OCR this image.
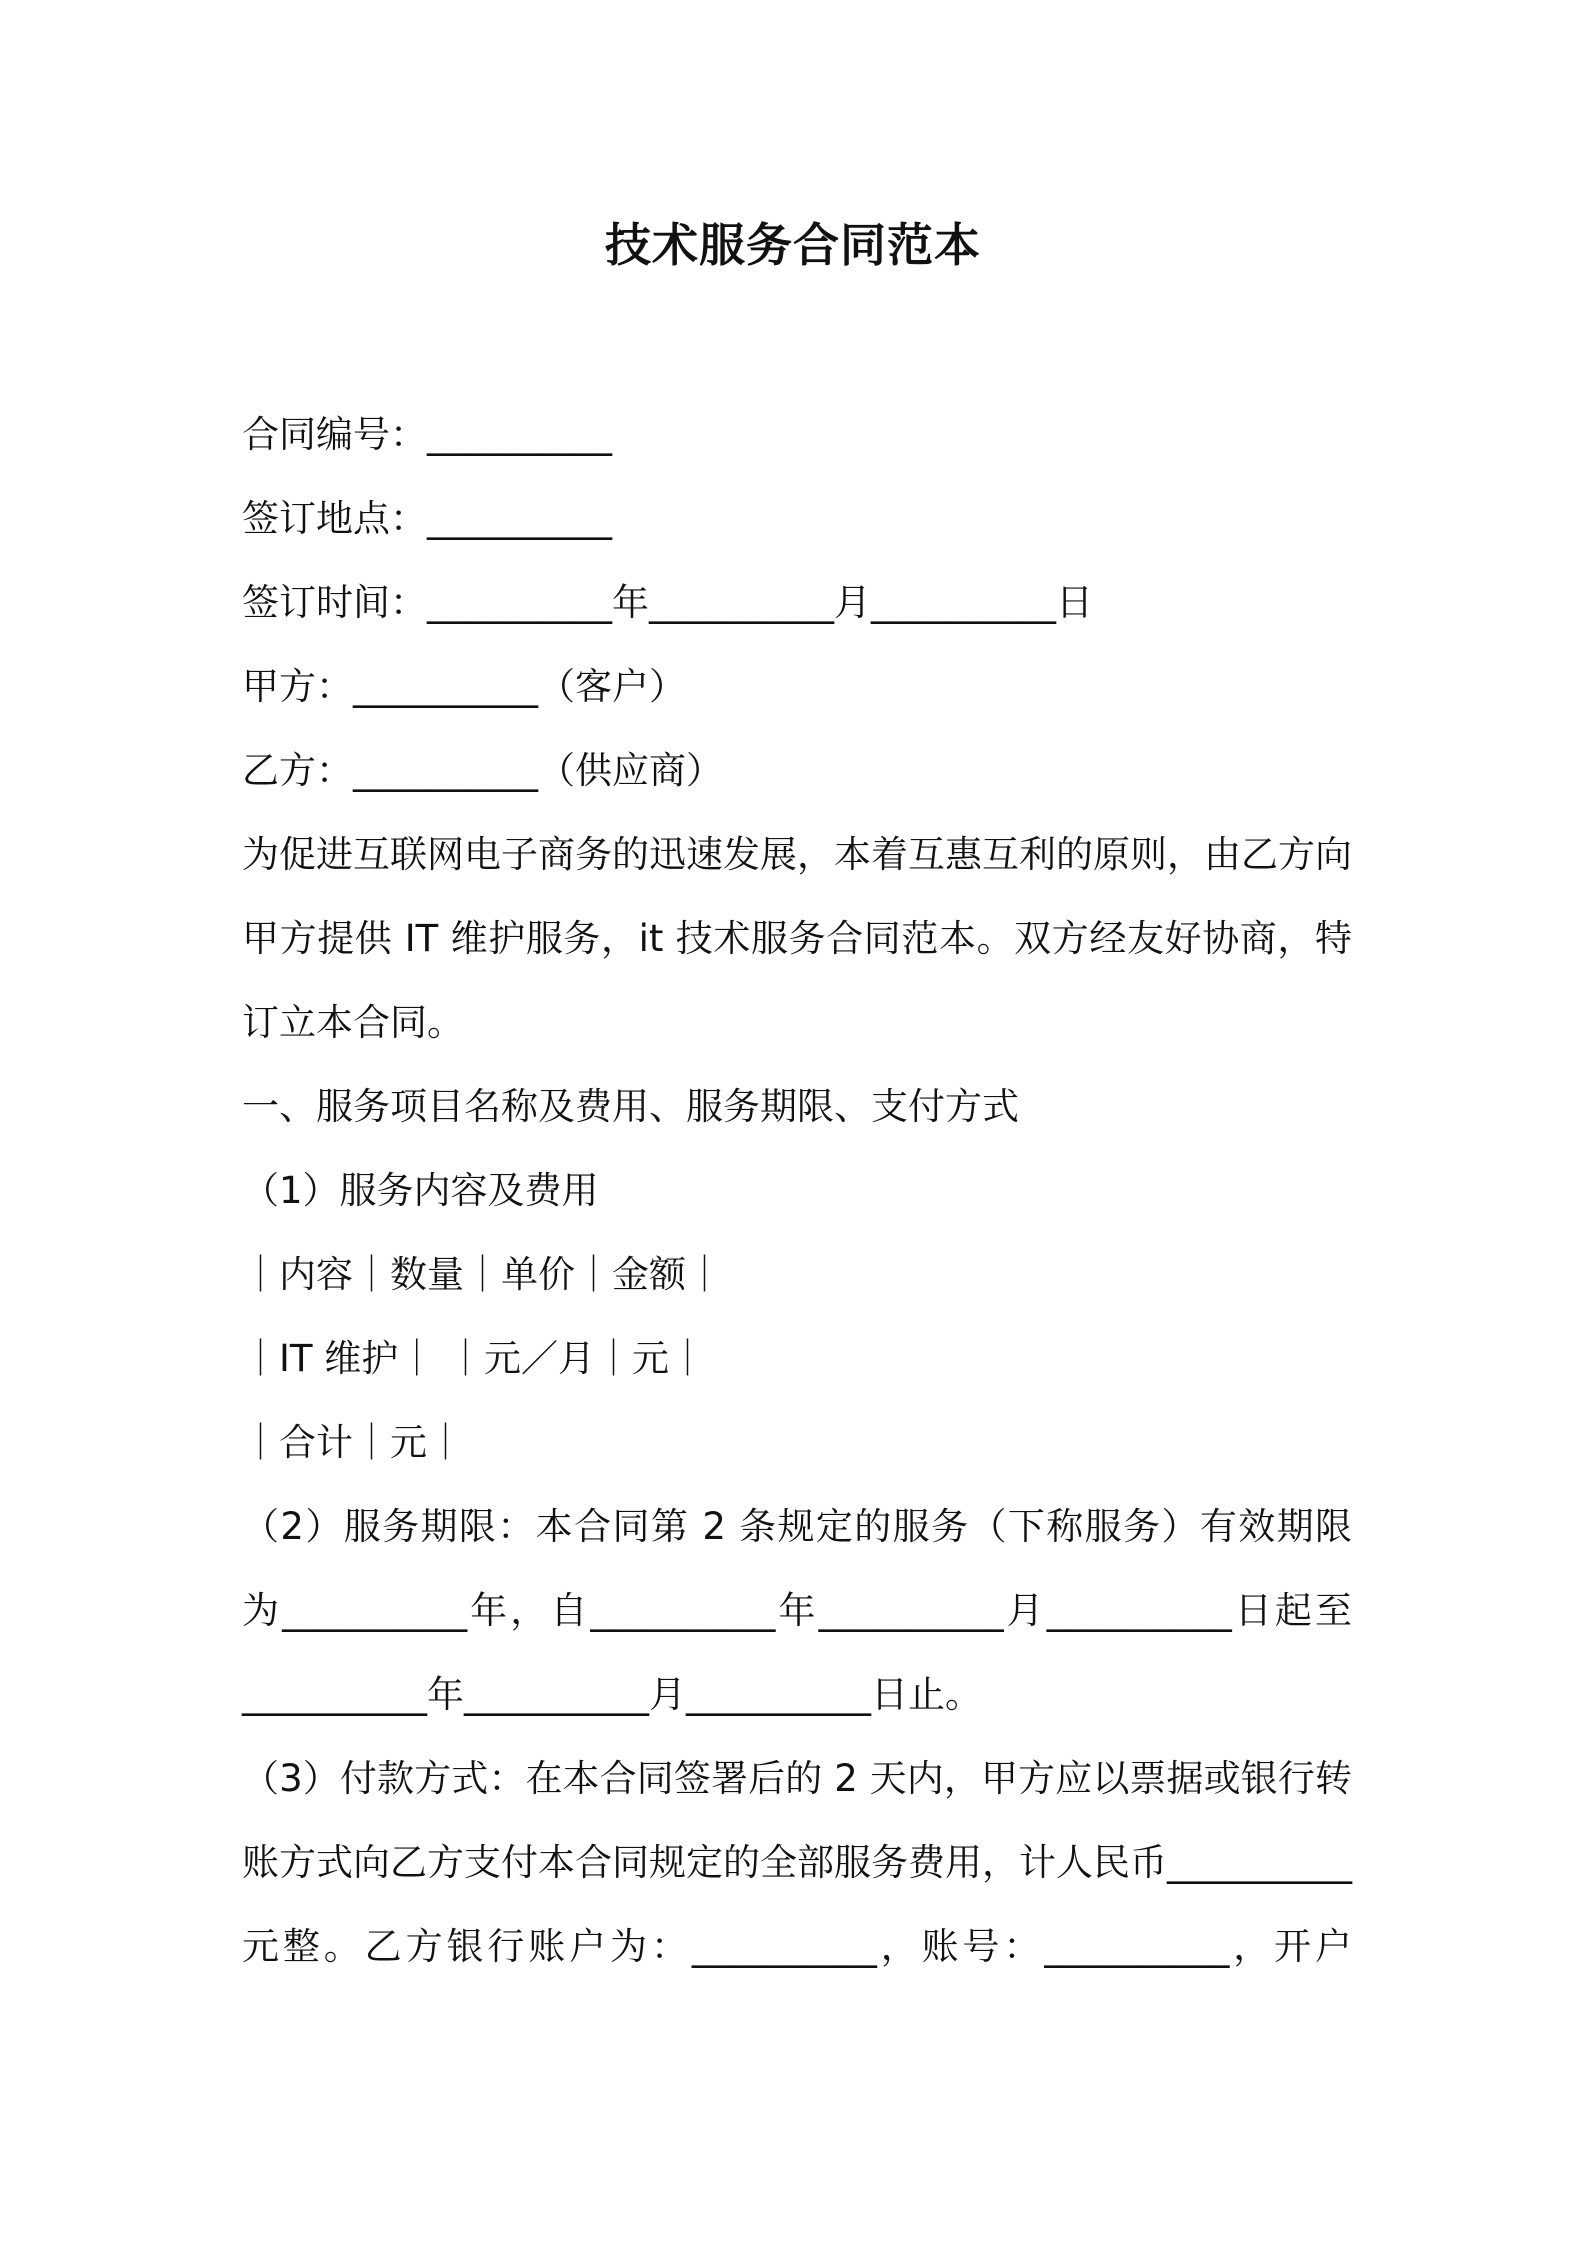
技术服务合同范本
合同编号：__________
签订地点：__________
签订时间：__________年__________月__________日
甲方：__________（客户）
乙方：__________（供应商）
为促进互联网电子商务的迅速发展，本着互惠互利的原则，由乙方向
甲方提供 IT 维护服务，it 技术服务合同范本。双方经友好协商，特
订立本合同。
一、服务项目名称及费用、服务期限、支付方式
（1）服务内容及费用
｜内容｜数量｜单价｜金额｜
｜IT 维护｜ ｜元／月｜元｜
｜合计｜元｜
（2）服务期限：本合同第 2 条规定的服务（下称服务）有效期限
为__________年，自__________年__________月__________日起至
__________年__________月__________日止。
（3）付款方式：在本合同签署后的 2 天内，甲方应以票据或银行转
账方式向乙方支付本合同规定的全部服务费用，计人民币__________
元整。乙方银行账户为：__________，账号：__________，开户
